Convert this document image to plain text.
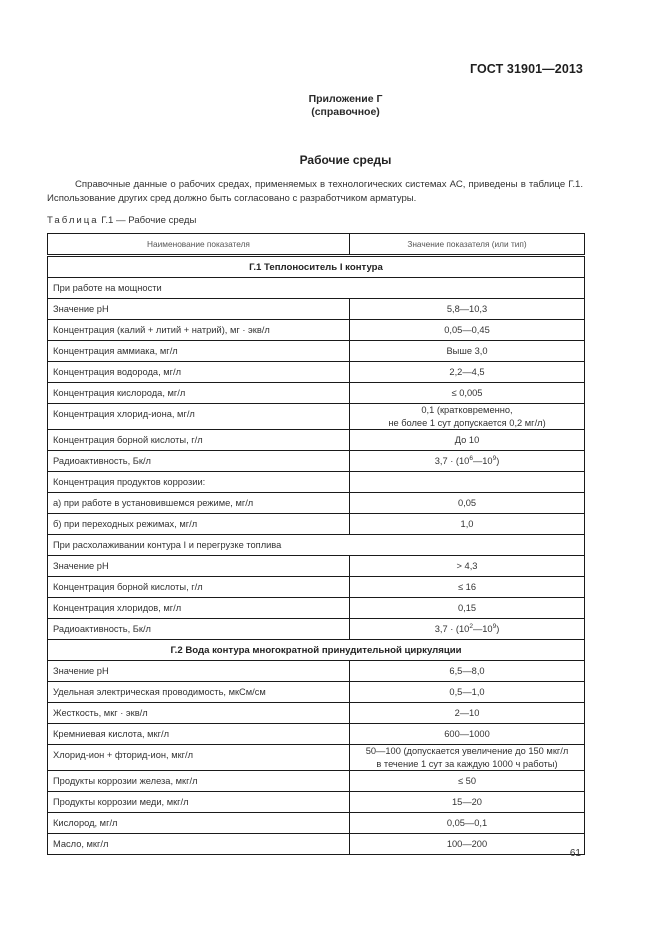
ГОСТ 31901—2013
Приложение Г
(справочное)
Рабочие среды

Справочные данные о рабочих средах, применяемых в технологических системах АС, приведены в таблице Г.1. Использование других сред должно быть согласовано с разработчиком арматуры.

Таблица Г.1 — Рабочие среды
Наименование показателя	Значение показателя (или тип)
Г.1 Теплоноситель I контура	
При работе на мощности	
Значение pH	5,8—10,3
Концентрация (калий + литий + натрий), мг · экв/л	0,05—0,45
Концентрация аммиака, мг/л	Выше 3,0
Концентрация водорода, мг/л	2,2—4,5
Концентрация кислорода, мг/л	≤ 0,005
Концентрация хлорид-иона, мг/л	0,1 (кратковременно,
не более 1 сут допускается 0,2 мг/л)

Концентрация борной кислоты, г/л	До 10
Радиоактивность, Бк/л	$3,7 \cdot (10^6—10^9)$
Концентрация продуктов коррозии:	
а) при работе в установившемся режиме, мг/л	0,05
б) при переходных режимах, мг/л	1,0
При расхолаживании контура I и перегрузке топлива	
Значение pH	> 4,3
Концентрация борной кислоты, г/л	≤ 16
Концентрация хлоридов, мг/л	0,15
Радиоактивность, Бк/л	$3,7 \cdot (10^2—10^9)$
Г.2 Вода контура многократной принудительной циркуляции	
Значение pH	6,5—8,0
Удельная электрическая проводимость, мкСм/см	0,5—1,0
Жесткость, мкг · экв/л	2—10
Кремниевая кислота, мкг/л	600—1000
Хлорид-ион + фторид-ион, мкг/л	50—100 (допускается увеличение до 150 мкг/л
в течение 1 сут за каждую 1000 ч работы)

Продукты коррозии железа, мкг/л	≤ 50
Продукты коррозии меди, мкг/л	15—20
Кислород, мг/л	0,05—0,1
Масло, мкг/л	100—200
61
